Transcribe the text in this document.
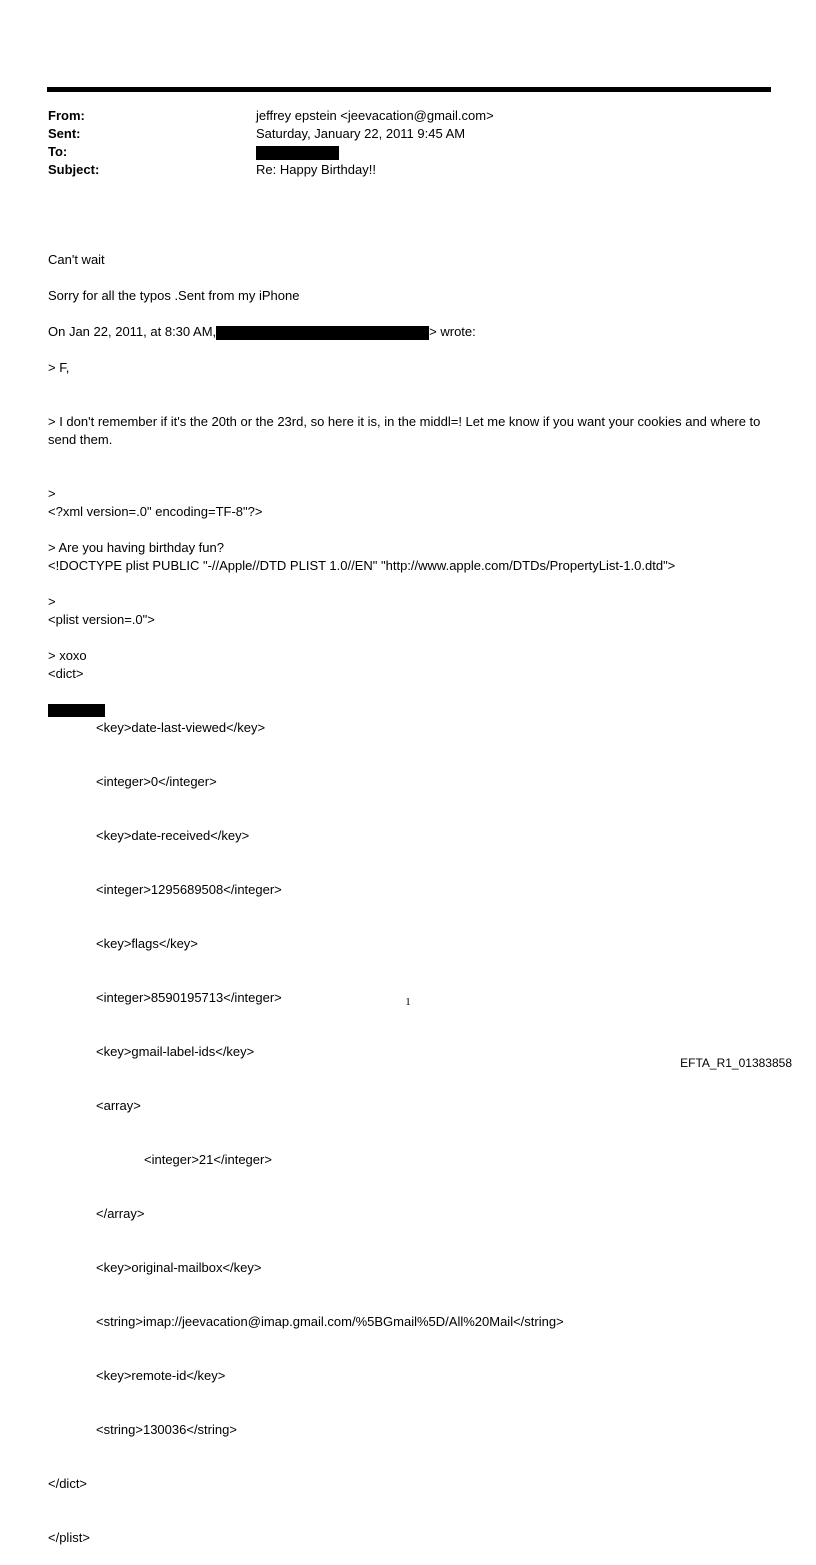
From:	jeffrey epstein <jeevacation@gmail.com>
Sent:	Saturday, January 22, 2011 9:45 AM
To:
Subject:	Re: Happy Birthday!!

Can't wait

Sorry for all the typos .Sent from my iPhone

On Jan 22, 2011, at 8:30 AM,	> wrote:

> F,

> I don't remember if it's the 20th or the 23rd, so here it is, in the middl=! Let me know if you want your cookies and where to send them.

>

> Are you having birthday fun?

>

> xoxo

<?xml version=.0" encoding=TF-8"?>

<!DOCTYPE plist PUBLIC "-//Apple//DTD PLIST 1.0//EN" "http://www.apple.com/DTDs/PropertyList-1.0.dtd">

<plist version=.0">

<dict>

<key>date-last-viewed</key>

<integer>0</integer>

<key>date-received</key>

<integer>1295689508</integer>

<key>flags</key>

<integer>8590195713</integer>

<key>gmail-label-ids</key>

<array>

<integer>21</integer>

</array>

<key>original-mailbox</key>

<string>imap://jeevacation@imap.gmail.com/%5BGmail%5D/All%20Mail</string>

<key>remote-id</key>

<string>130036</string>

</dict>

</plist>

1
EFTA_R1_01383858
